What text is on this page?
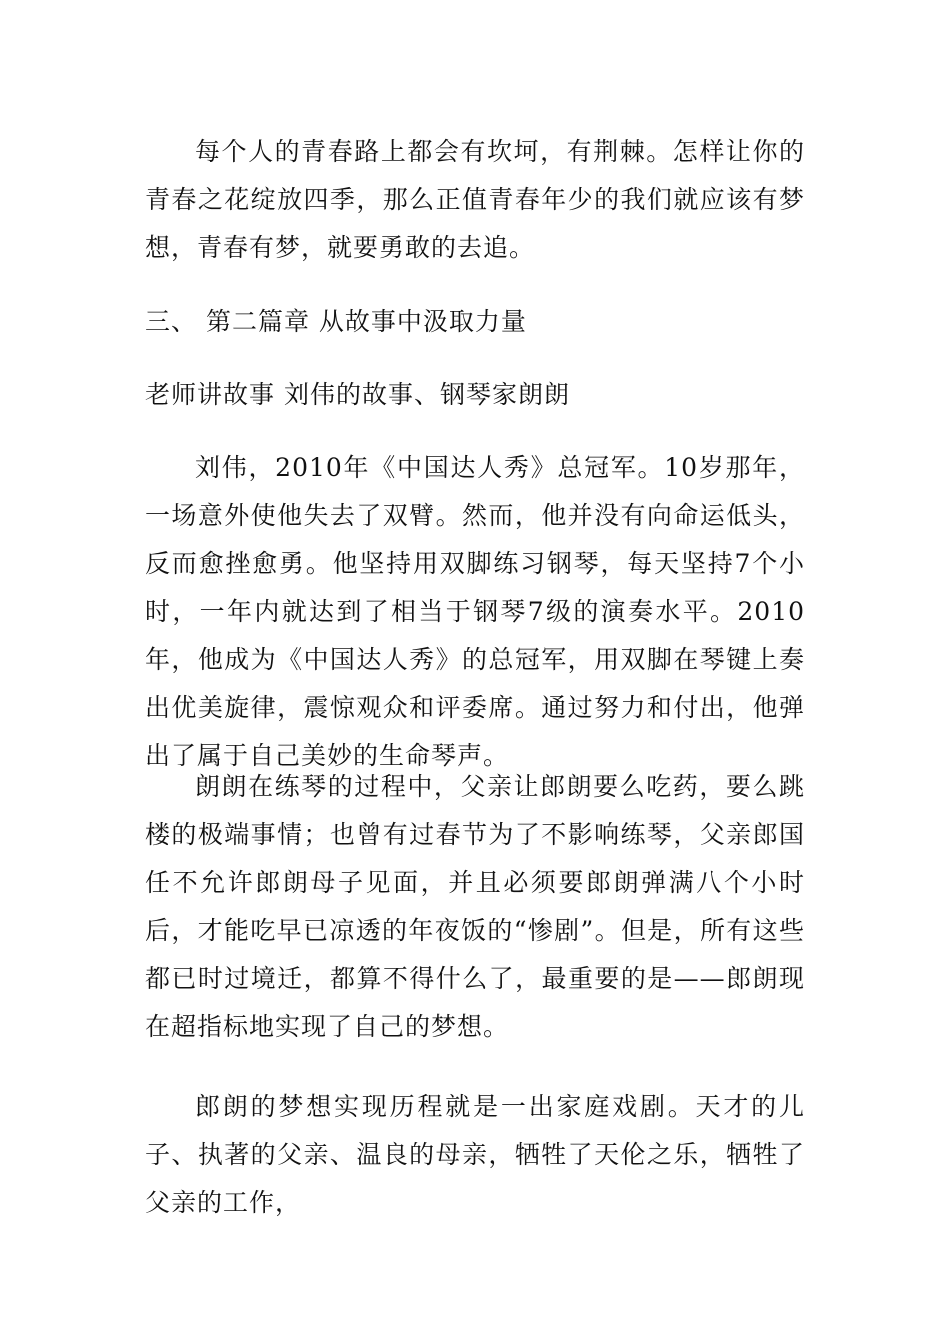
每个人的青春路上都会有坎坷，有荆棘。怎样让你的青春之花绽放四季，那么正值青春年少的我们就应该有梦想，青春有梦，就要勇敢的去追。

三、 第二篇章 从故事中汲取力量

老师讲故事 刘伟的故事、钢琴家朗朗

刘伟，2010年《中国达人秀》总冠军。10岁那年，一场意外使他失去了双臂。然而，他并没有向命运低头，反而愈挫愈勇。他坚持用双脚练习钢琴，每天坚持7个小时，一年内就达到了相当于钢琴7级的演奏水平。2010年，他成为《中国达人秀》的总冠军，用双脚在琴键上奏出优美旋律，震惊观众和评委席。通过努力和付出，他弹出了属于自己美妙的生命琴声。

朗朗在练琴的过程中，父亲让郎朗要么吃药，要么跳楼的极端事情；也曾有过春节为了不影响练琴，父亲郎国任不允许郎朗母子见面，并且必须要郎朗弹满八个小时后，才能吃早已凉透的年夜饭的“惨剧”。但是，所有这些都已时过境迁，都算不得什么了，最重要的是——郎朗现在超指标地实现了自己的梦想。

郎朗的梦想实现历程就是一出家庭戏剧。天才的儿子、执著的父亲、温良的母亲，牺牲了天伦之乐，牺牲了父亲的工作，
